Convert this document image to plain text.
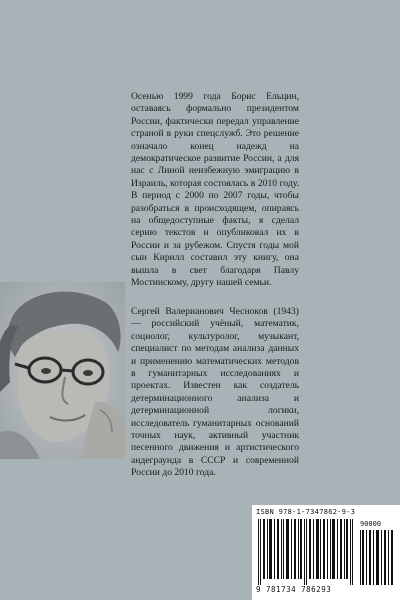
Осенью 1999 года Борис Ельцин, оставаясь формально президентом России, фактически передал управление страной в руки спецслужб. Это решение означало конец надежд на демократическое развитие России, а для нас с Линой неизбежную эмиграцию в Израиль, которая состоялась в 2010 году. В период с 2000 по 2007 годы, чтобы разобраться в происходящем, опираясь на общедоступные факты, я сделал серию текстов и опубликовал их в России и за рубежом. Спустя годы мой сын Кирилл составил эту книгу, она вышла в свет благодаря Павлу Мостинскому, другу нашей семьи.

Сергей Валерианович Чесноков (1943) — российский учёный, математик, социолог, культуролог, музыкант, специалист по методам анализа данных и применению математических методов в гуманитарных исследованиях и проектах. Известен как создатель детерминационного анализа и детерминационной логики, исследователь гуманитарных оснований точных наук, активный участник песенного движения и артистического андеграунда в СССР и современной России до 2010 года.

ISBN 978-1-7347862-9-3
90000
9 781734 786293
